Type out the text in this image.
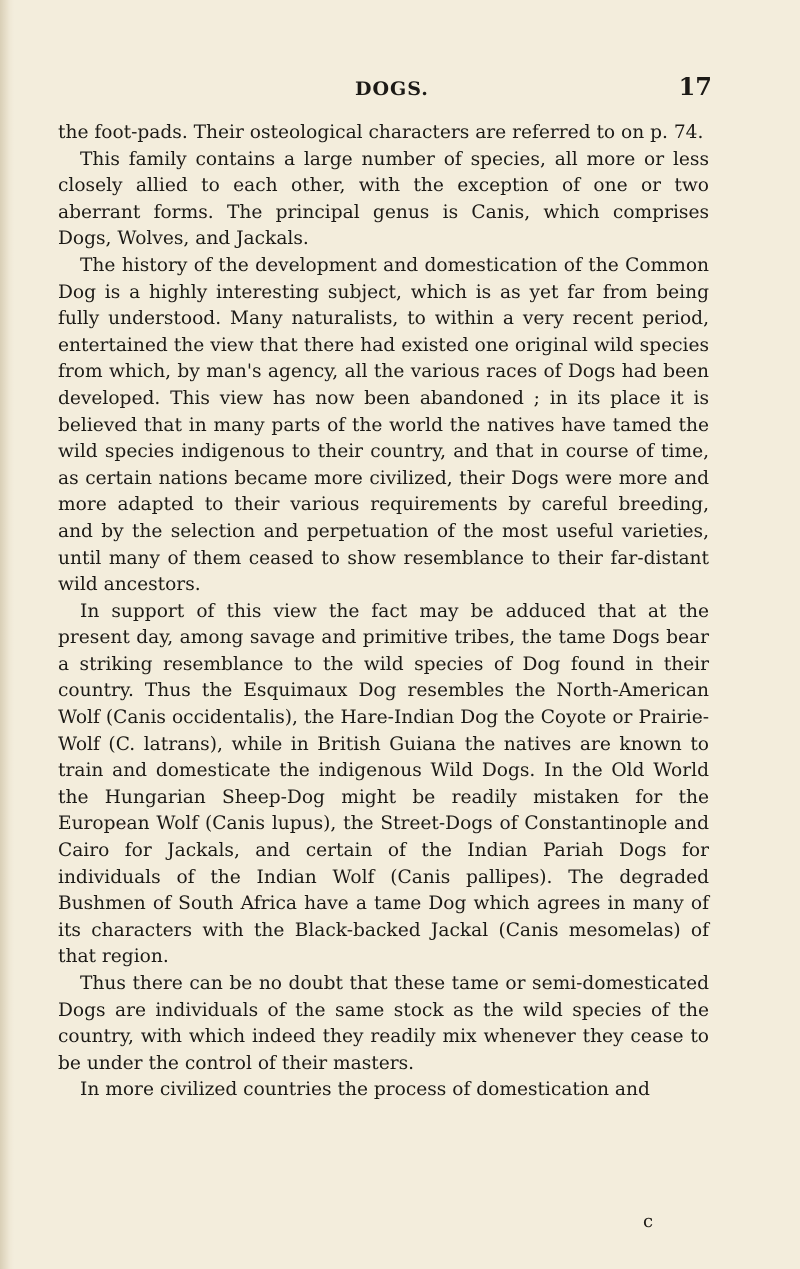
DOGS.	17

the foot-pads. Their osteological characters are referred to on p. 74.

This family contains a large number of species, all more or less closely allied to each other, with the exception of one or two aberrant forms. The principal genus is Canis, which comprises Dogs, Wolves, and Jackals.

The history of the development and domestication of the Common Dog is a highly interesting subject, which is as yet far from being fully understood. Many naturalists, to within a very recent period, entertained the view that there had existed one original wild species from which, by man's agency, all the various races of Dogs had been developed. This view has now been abandoned ; in its place it is believed that in many parts of the world the natives have tamed the wild species indigenous to their country, and that in course of time, as certain nations became more civilized, their Dogs were more and more adapted to their various requirements by careful breeding, and by the selection and perpetuation of the most useful varieties, until many of them ceased to show resemblance to their far-distant wild ancestors.

In support of this view the fact may be adduced that at the present day, among savage and primitive tribes, the tame Dogs bear a striking resemblance to the wild species of Dog found in their country. Thus the Esquimaux Dog resembles the North-American Wolf (Canis occidentalis), the Hare-Indian Dog the Coyote or Prairie-Wolf (C. latrans), while in British Guiana the natives are known to train and domesticate the indigenous Wild Dogs. In the Old World the Hungarian Sheep-Dog might be readily mistaken for the European Wolf (Canis lupus), the Street-Dogs of Constantinople and Cairo for Jackals, and certain of the Indian Pariah Dogs for individuals of the Indian Wolf (Canis pallipes). The degraded Bushmen of South Africa have a tame Dog which agrees in many of its characters with the Black-backed Jackal (Canis mesomelas) of that region.

Thus there can be no doubt that these tame or semi-domesticated Dogs are individuals of the same stock as the wild species of the country, with which indeed they readily mix whenever they cease to be under the control of their masters.

In more civilized countries the process of domestication and

c
